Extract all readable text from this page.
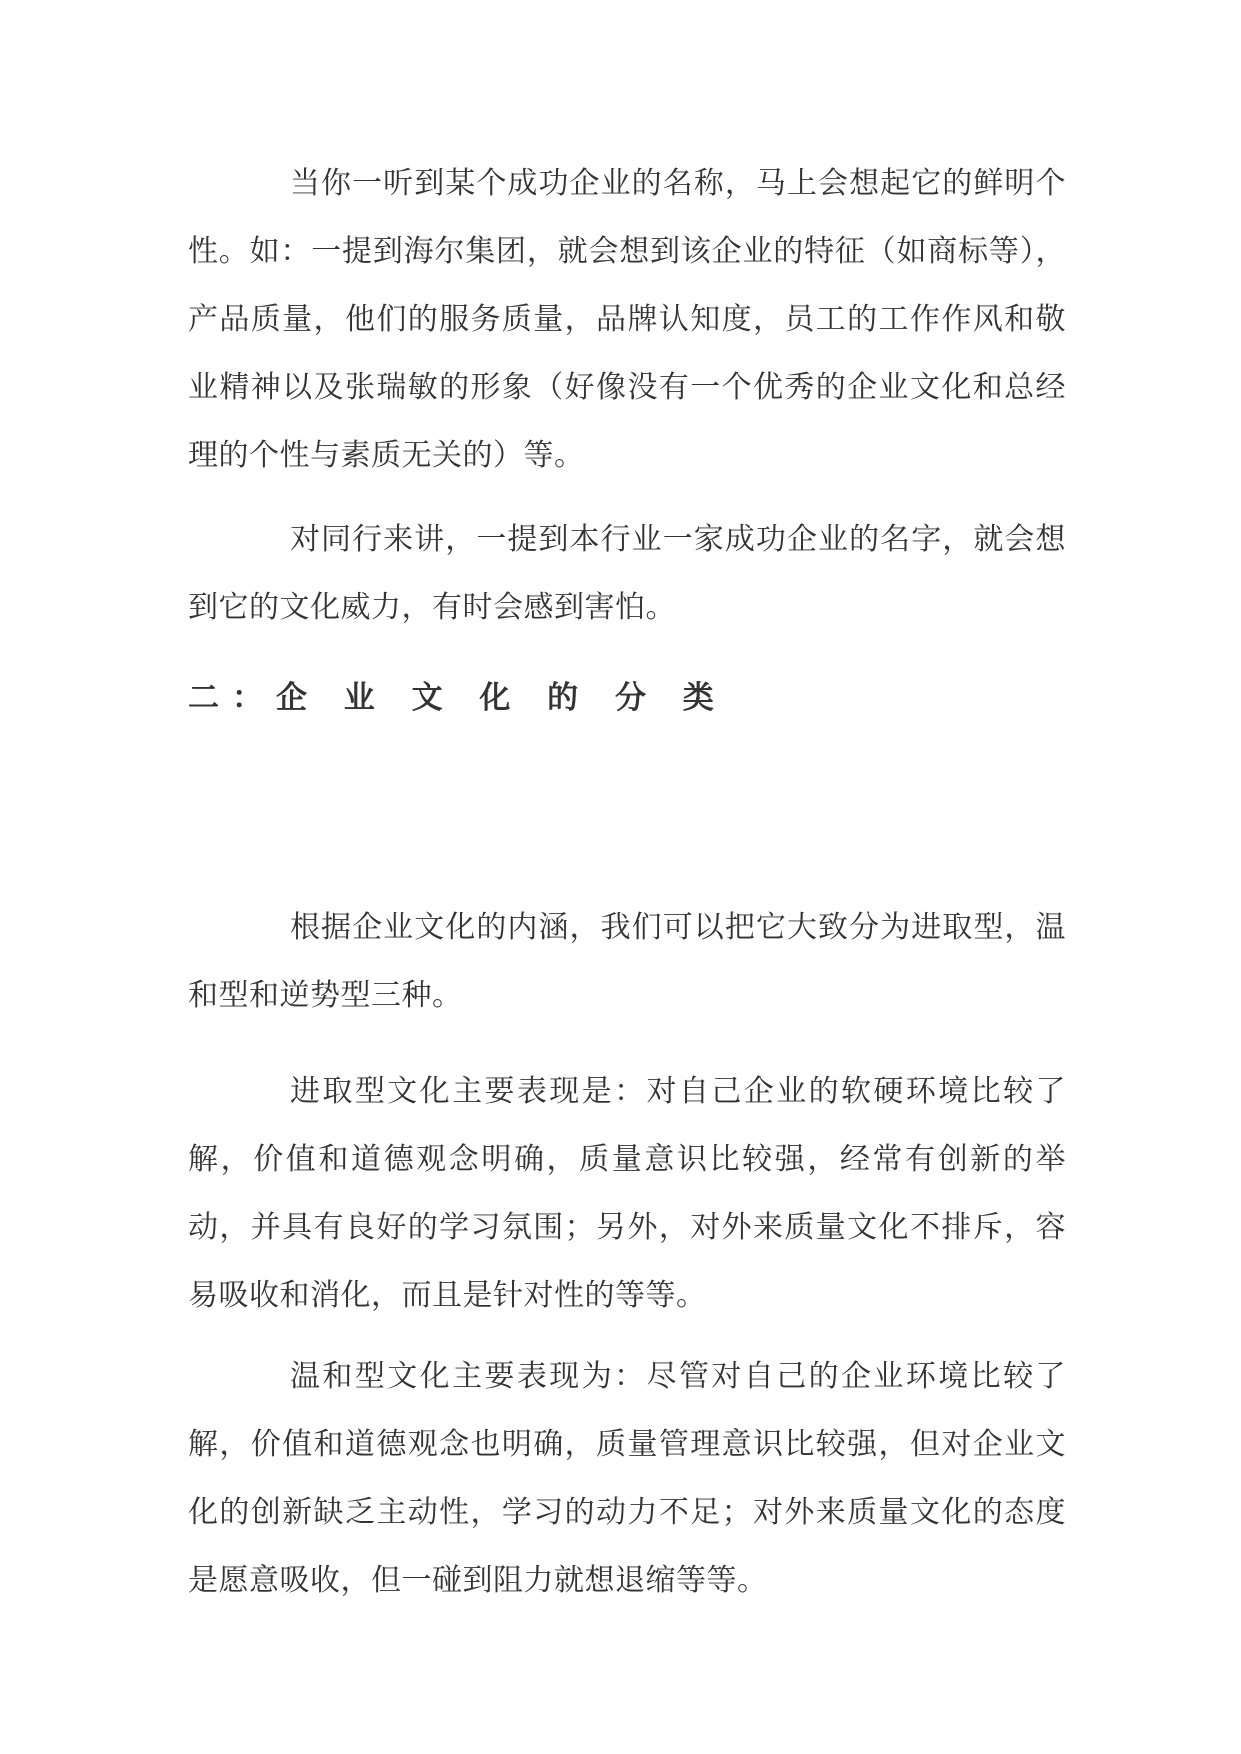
当你一听到某个成功企业的名称，马上会想起它的鲜明个性。如：一提到海尔集团，就会想到该企业的特征（如商标等），产品质量，他们的服务质量，品牌认知度，员工的工作作风和敬业精神以及张瑞敏的形象（好像没有一个优秀的企业文化和总经理的个性与素质无关的）等。

对同行来讲，一提到本行业一家成功企业的名字，就会想到它的文化威力，有时会感到害怕。

二：企 业 文 化 的 分 类

根据企业文化的内涵，我们可以把它大致分为进取型，温和型和逆势型三种。

进取型文化主要表现是：对自己企业的软硬环境比较了解，价值和道德观念明确，质量意识比较强，经常有创新的举动，并具有良好的学习氛围；另外，对外来质量文化不排斥，容易吸收和消化，而且是针对性的等等。

温和型文化主要表现为：尽管对自己的企业环境比较了解，价值和道德观念也明确，质量管理意识比较强，但对企业文化的创新缺乏主动性，学习的动力不足；对外来质量文化的态度是愿意吸收，但一碰到阻力就想退缩等等。
